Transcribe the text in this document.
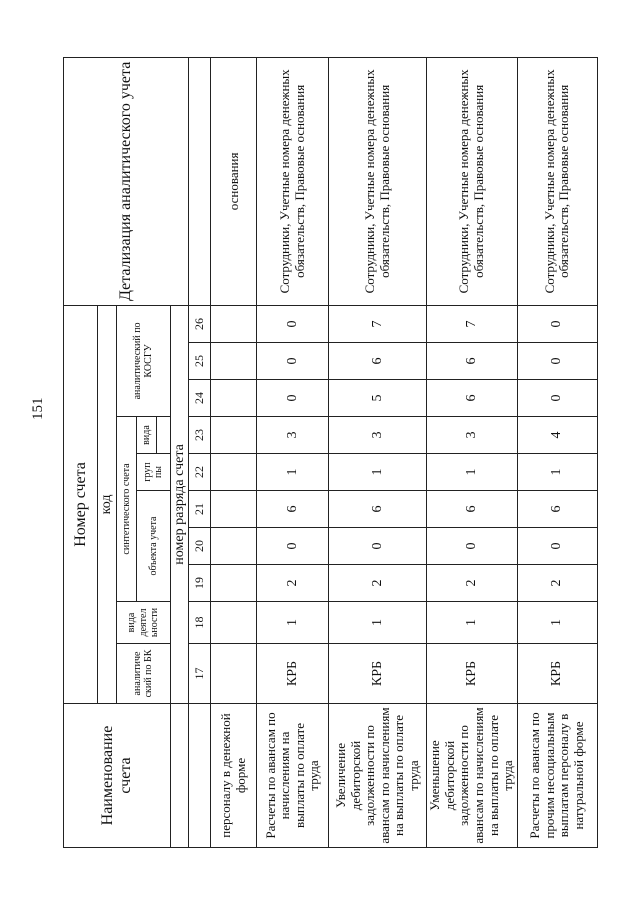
151
Наименование счета	Номер счета										Детализация аналитического учета
	код										
	аналитиче ский по БК	вида деятел ьности	синтетического счета					аналитический по КОСГУ			
			объекта учета			груп пы	вида				

	номер разряда счета										
	17	18	19	20	21	22	23	24	25	26	
персоналу в денежной форме											основания
Расчеты по авансам по начислениям на выплаты по оплате труда	КРБ	1	2	0	6	1	3	0	0	0	Сотрудники, Учетные номера денежных обязательств, Правовые основания
Увеличение дебиторской задолженности по авансам по начислениям на выплаты по оплате труда	КРБ	1	2	0	6	1	3	5	6	7	Сотрудники, Учетные номера денежных обязательств, Правовые основания
Уменьшение дебиторской задолженности по авансам по начислениям на выплаты по оплате труда	КРБ	1	2	0	6	1	3	6	6	7	Сотрудники, Учетные номера денежных обязательств, Правовые основания
Расчеты по авансам по прочим несоциальным выплатам персоналу в натуральной форме	КРБ	1	2	0	6	1	4	0	0	0	Сотрудники, Учетные номера денежных обязательств, Правовые основания
